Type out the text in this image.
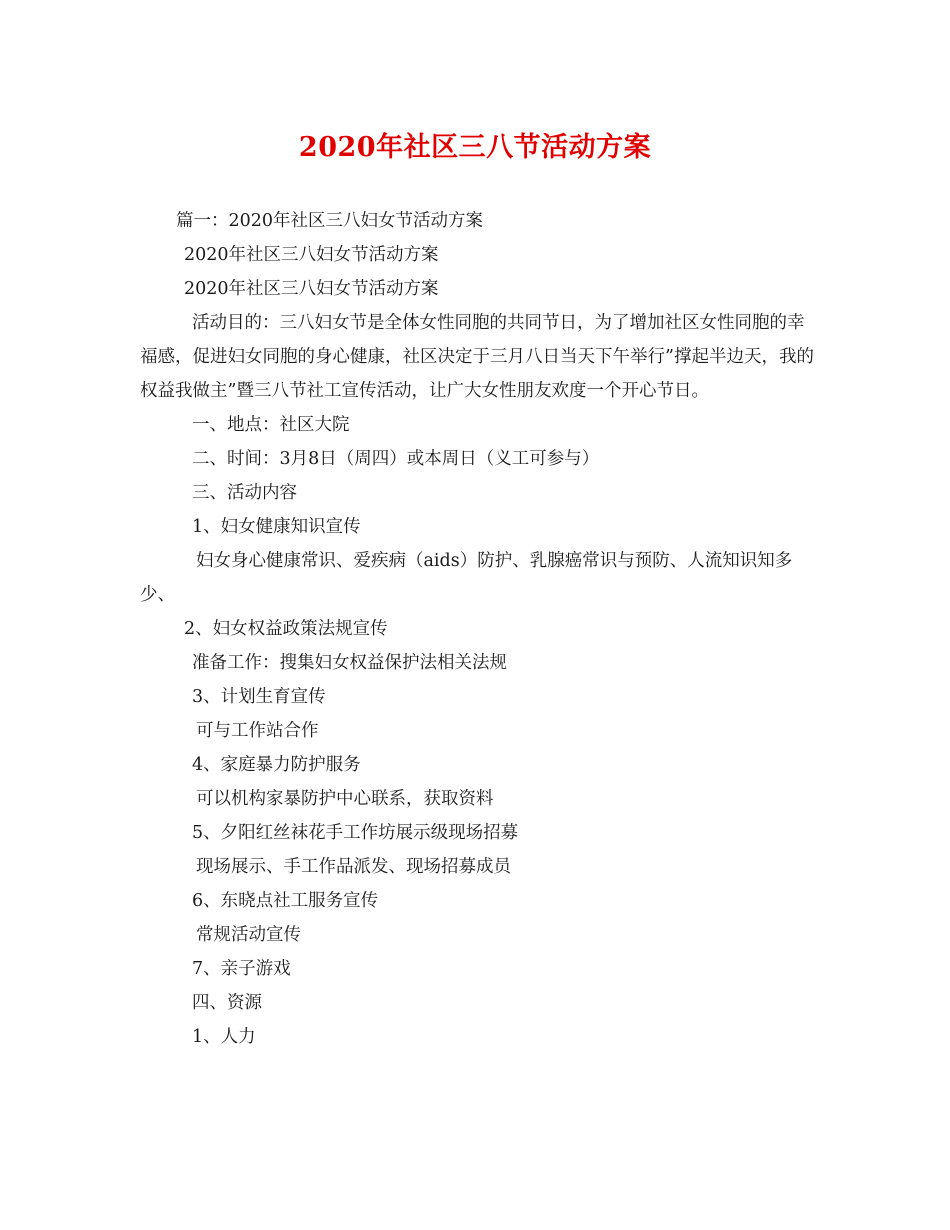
2020年社区三八节活动方案

篇一：2020年社区三八妇女节活动方案

2020年社区三八妇女节活动方案

2020年社区三八妇女节活动方案

活动目的：三八妇女节是全体女性同胞的共同节日，为了增加社区女性同胞的幸福感，促进妇女同胞的身心健康，社区决定于三月八日当天下午举行”撑起半边天，我的权益我做主”暨三八节社工宣传活动，让广大女性朋友欢度一个开心节日。

一、地点：社区大院

二、时间：3月8日（周四）或本周日（义工可参与）

三、活动内容

1、妇女健康知识宣传

妇女身心健康常识、爱疾病（aids）防护、乳腺癌常识与预防、人流知识知多少、

2、妇女权益政策法规宣传

准备工作：搜集妇女权益保护法相关法规

3、计划生育宣传

可与工作站合作

4、家庭暴力防护服务

可以机构家暴防护中心联系，获取资料

5、夕阳红丝袜花手工作坊展示级现场招募

现场展示、手工作品派发、现场招募成员

6、东晓点社工服务宣传

常规活动宣传

7、亲子游戏

四、资源

1、人力
